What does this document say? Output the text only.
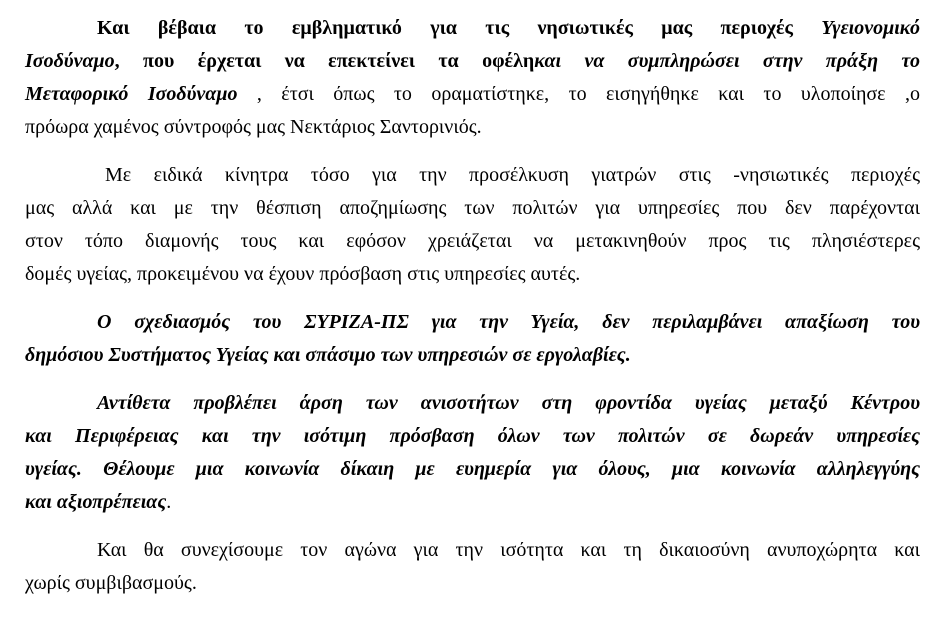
Και βέβαια το εμβληματικό για τις νησιωτικές μας περιοχές Υγειονομικό
Ισοδύναμο, που έρχεται να επεκτείνει τα οφέληκαι να συμπληρώσει στην πράξη το
Μεταφορικό Ισοδύναμο , έτσι όπως το οραματίστηκε, το εισηγήθηκε και το υλοποίησε ,ο
πρόωρα χαμένος σύντροφός μας Νεκτάριος Σαντορινιός.
Με ειδικά κίνητρα τόσο για την προσέλκυση γιατρών στις -νησιωτικές περιοχές
μας αλλά και με την θέσπιση αποζημίωσης των πολιτών για υπηρεσίες που δεν παρέχονται
στον τόπο διαμονής τους και εφόσον χρειάζεται να μετακινηθούν προς τις πλησιέστερες
δομές υγείας, προκειμένου να έχουν πρόσβαση στις υπηρεσίες αυτές.
Ο σχεδιασμός του ΣΥΡΙΖΑ-ΠΣ για την Υγεία, δεν περιλαμβάνει απαξίωση του
δημόσιου Συστήματος Υγείας και σπάσιμο των υπηρεσιών σε εργολαβίες.
Αντίθετα προβλέπει άρση των ανισοτήτων στη φροντίδα υγείας μεταξύ Κέντρου
και Περιφέρειας και την ισότιμη πρόσβαση όλων των πολιτών σε δωρεάν υπηρεσίες
υγείας. Θέλουμε μια κοινωνία δίκαιη με ευημερία για όλους, μια κοινωνία αλληλεγγύης
και αξιοπρέπειας.
Και θα συνεχίσουμε τον αγώνα για την ισότητα και τη δικαιοσύνη ανυποχώρητα και
χωρίς συμβιβασμούς.
